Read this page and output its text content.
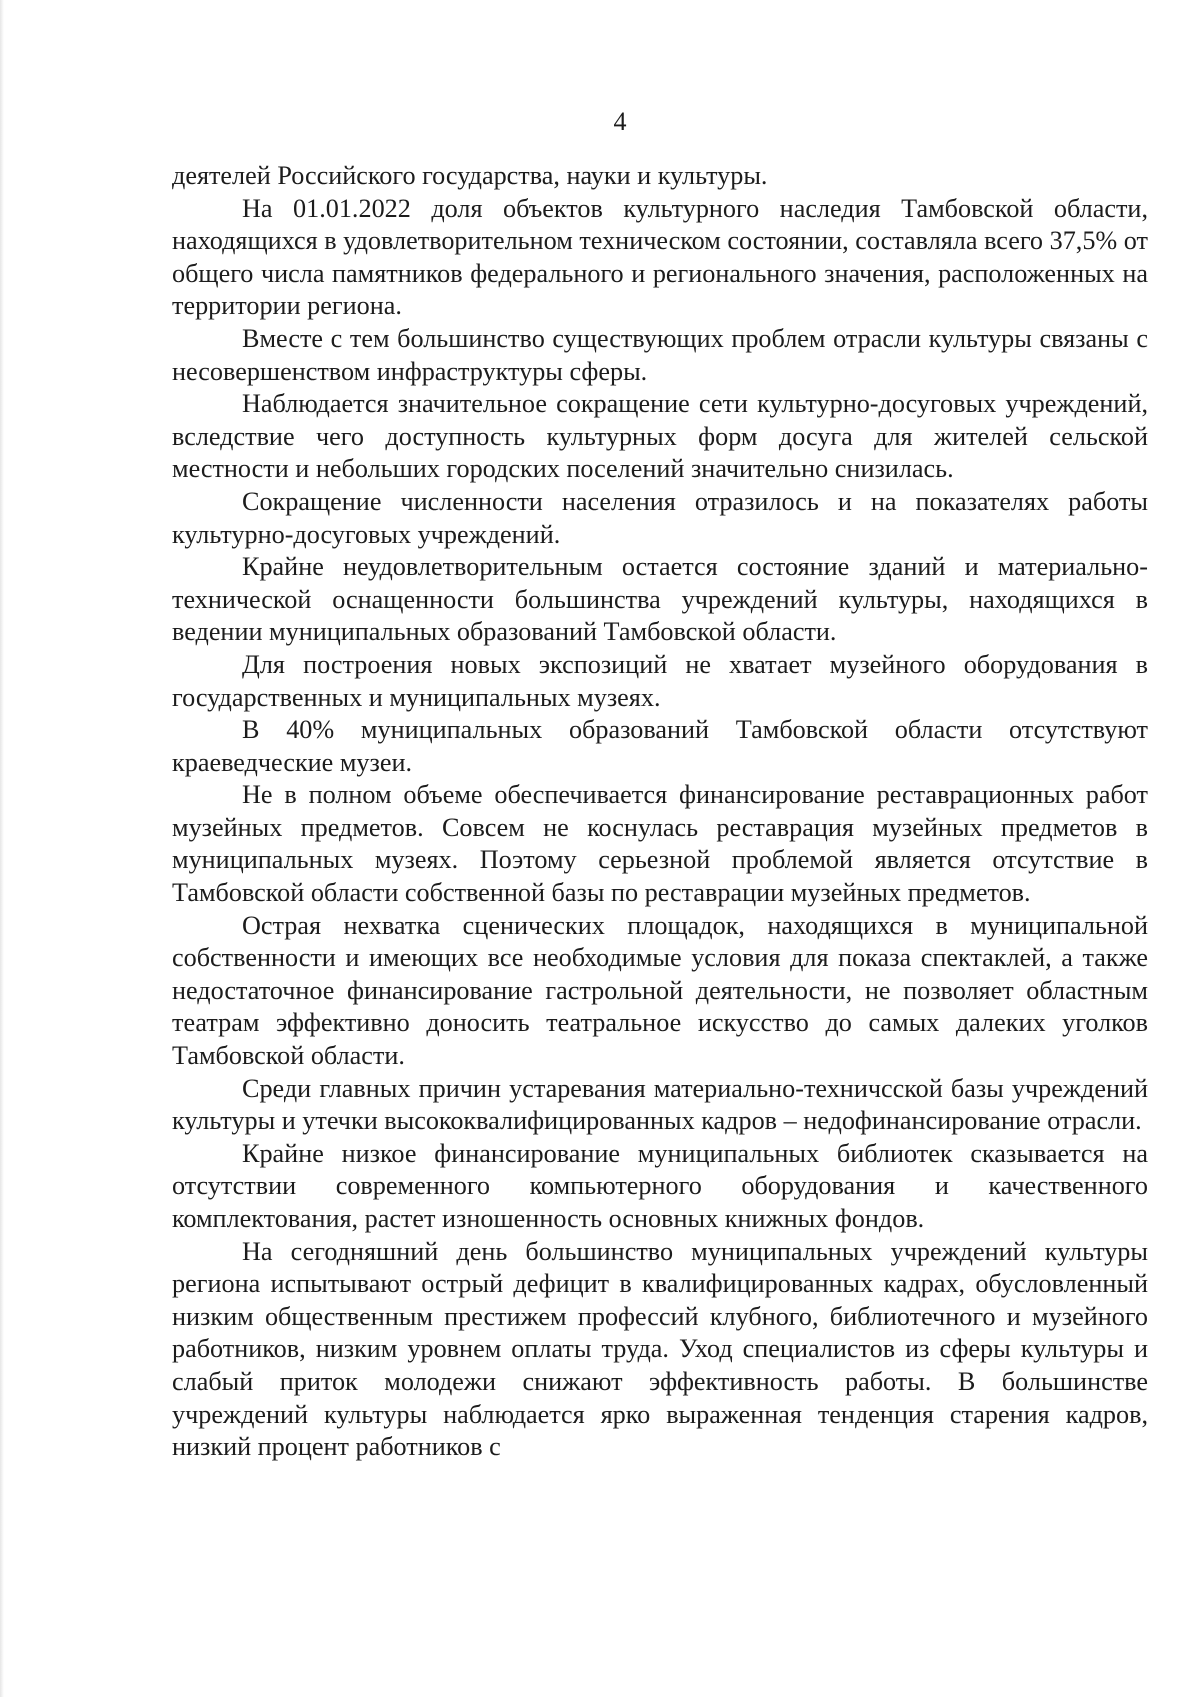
4

деятелей Российского государства, науки и культуры.

На 01.01.2022 доля объектов культурного наследия Тамбовской области, находящихся в удовлетворительном техническом состоянии, составляла всего 37,5% от общего числа памятников федерального и регионального значения, расположенных на территории региона.

Вместе с тем большинство существующих проблем отрасли культуры связаны с несовершенством инфраструктуры сферы.

Наблюдается значительное сокращение сети культурно-досуговых учреждений, вследствие чего доступность культурных форм досуга для жителей сельской местности и небольших городских поселений значительно снизилась.

Сокращение численности населения отразилось и на показателях работы культурно-досуговых учреждений.

Крайне неудовлетворительным остается состояние зданий и материально-технической оснащенности большинства учреждений культуры, находящихся в ведении муниципальных образований Тамбовской области.

Для построения новых экспозиций не хватает музейного оборудования в государственных и муниципальных музеях.

В 40% муниципальных образований Тамбовской области отсутствуют краеведческие музеи.

Не в полном объеме обеспечивается финансирование реставрационных работ музейных предметов. Совсем не коснулась реставрация музейных предметов в муниципальных музеях. Поэтому серьезной проблемой является отсутствие в Тамбовской области собственной базы по реставрации музейных предметов.

Острая нехватка сценических площадок, находящихся в муниципальной собственности и имеющих все необходимые условия для показа спектаклей, а также недостаточное финансирование гастрольной деятельности, не позволяет областным театрам эффективно доносить театральное искусство до самых далеких уголков Тамбовской области.

Среди главных причин устаревания материально-техничсской базы учреждений культуры и утечки высококвалифицированных кадров – недофинансирование отрасли.

Крайне низкое финансирование муниципальных библиотек сказывается на отсутствии современного компьютерного оборудования и качественного комплектования, растет изношенность основных книжных фондов.

На сегодняшний день большинство муниципальных учреждений культуры региона испытывают острый дефицит в квалифицированных кадрах, обусловленный низким общественным престижем профессий клубного, библиотечного и музейного работников, низким уровнем оплаты труда. Уход специалистов из сферы культуры и слабый приток молодежи снижают эффективность работы. В большинстве учреждений культуры наблюдается ярко выраженная тенденция старения кадров, низкий процент работников с
